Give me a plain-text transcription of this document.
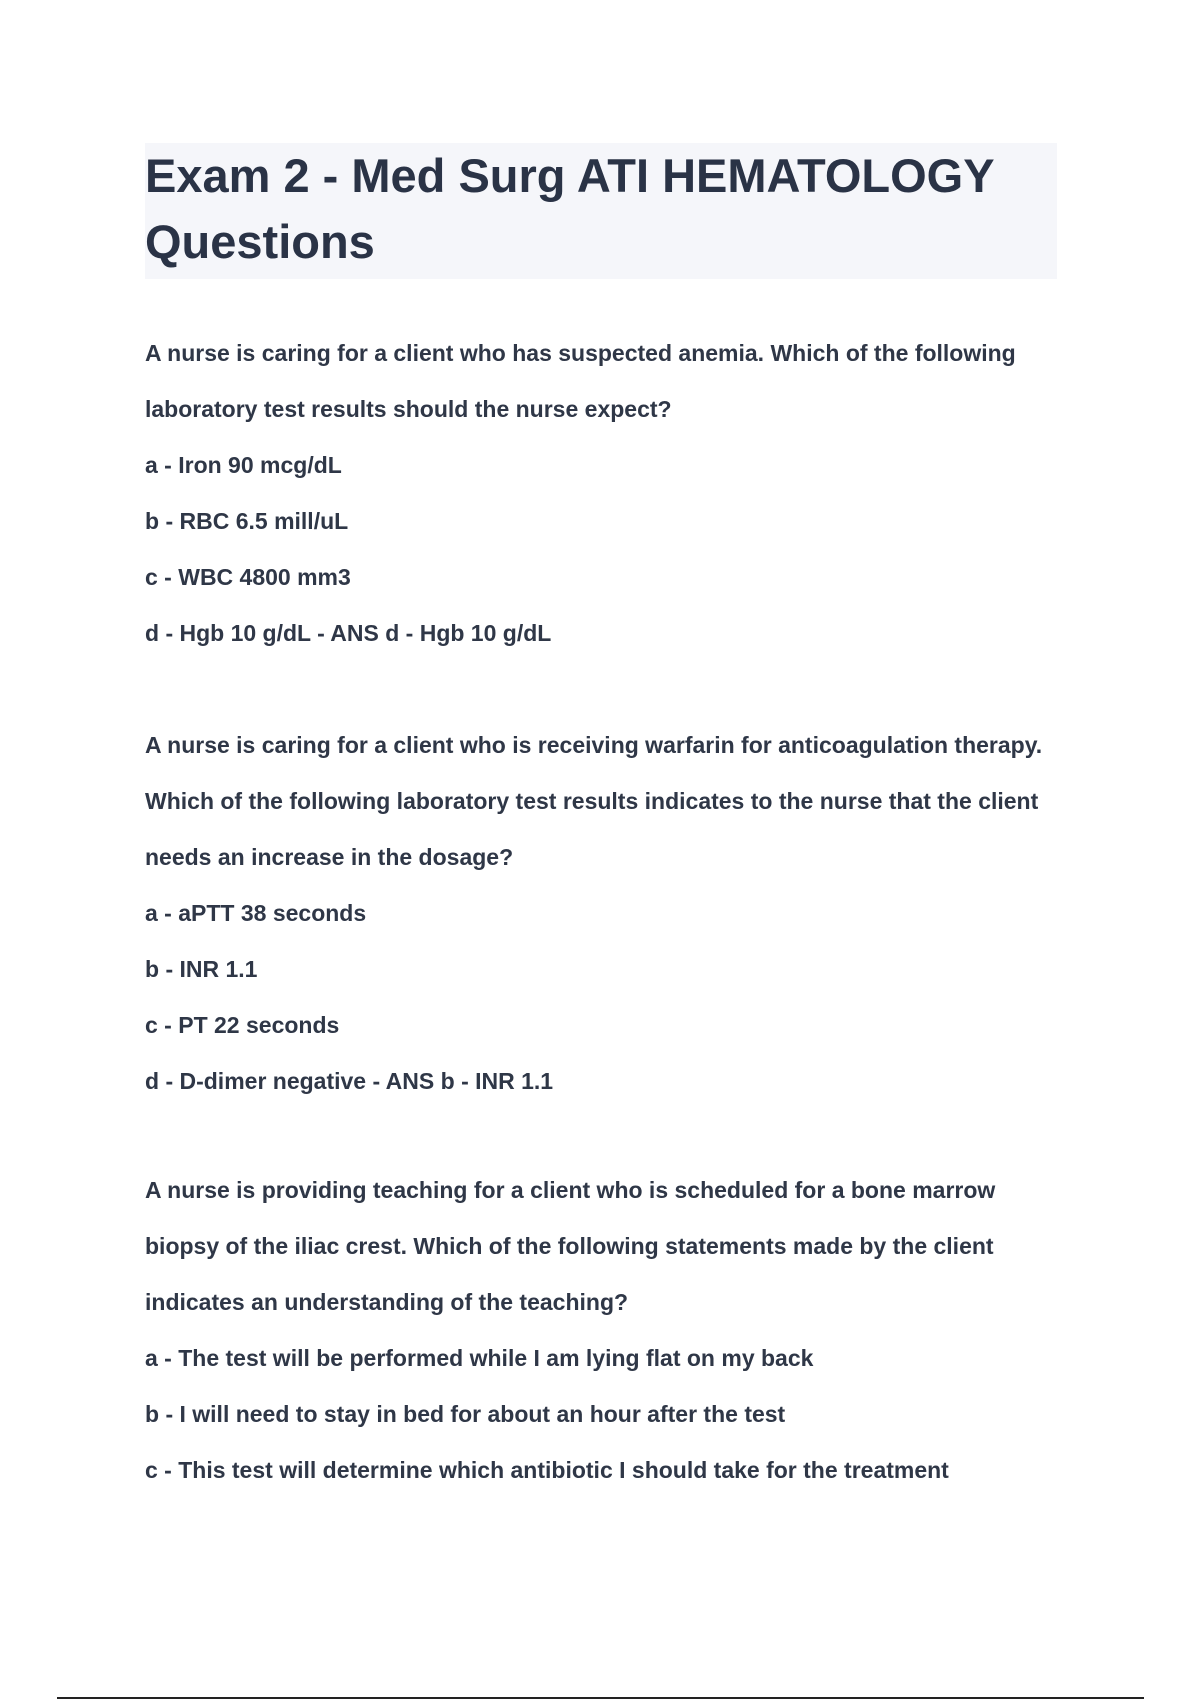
Exam 2 - Med Surg ATI HEMATOLOGY Questions

A nurse is caring for a client who has suspected anemia. Which of the following laboratory test results should the nurse expect?

a - Iron 90 mcg/dL

b - RBC 6.5 mill/uL

c - WBC 4800 mm3

d - Hgb 10 g/dL - ANS d - Hgb 10 g/dL

A nurse is caring for a client who is receiving warfarin for anticoagulation therapy. Which of the following laboratory test results indicates to the nurse that the client needs an increase in the dosage?

a - aPTT 38 seconds

b - INR 1.1

c - PT 22 seconds

d - D-dimer negative - ANS b - INR 1.1

A nurse is providing teaching for a client who is scheduled for a bone marrow biopsy of the iliac crest. Which of the following statements made by the client indicates an understanding of the teaching?

a - The test will be performed while I am lying flat on my back

b - I will need to stay in bed for about an hour after the test

c - This test will determine which antibiotic I should take for the treatment
